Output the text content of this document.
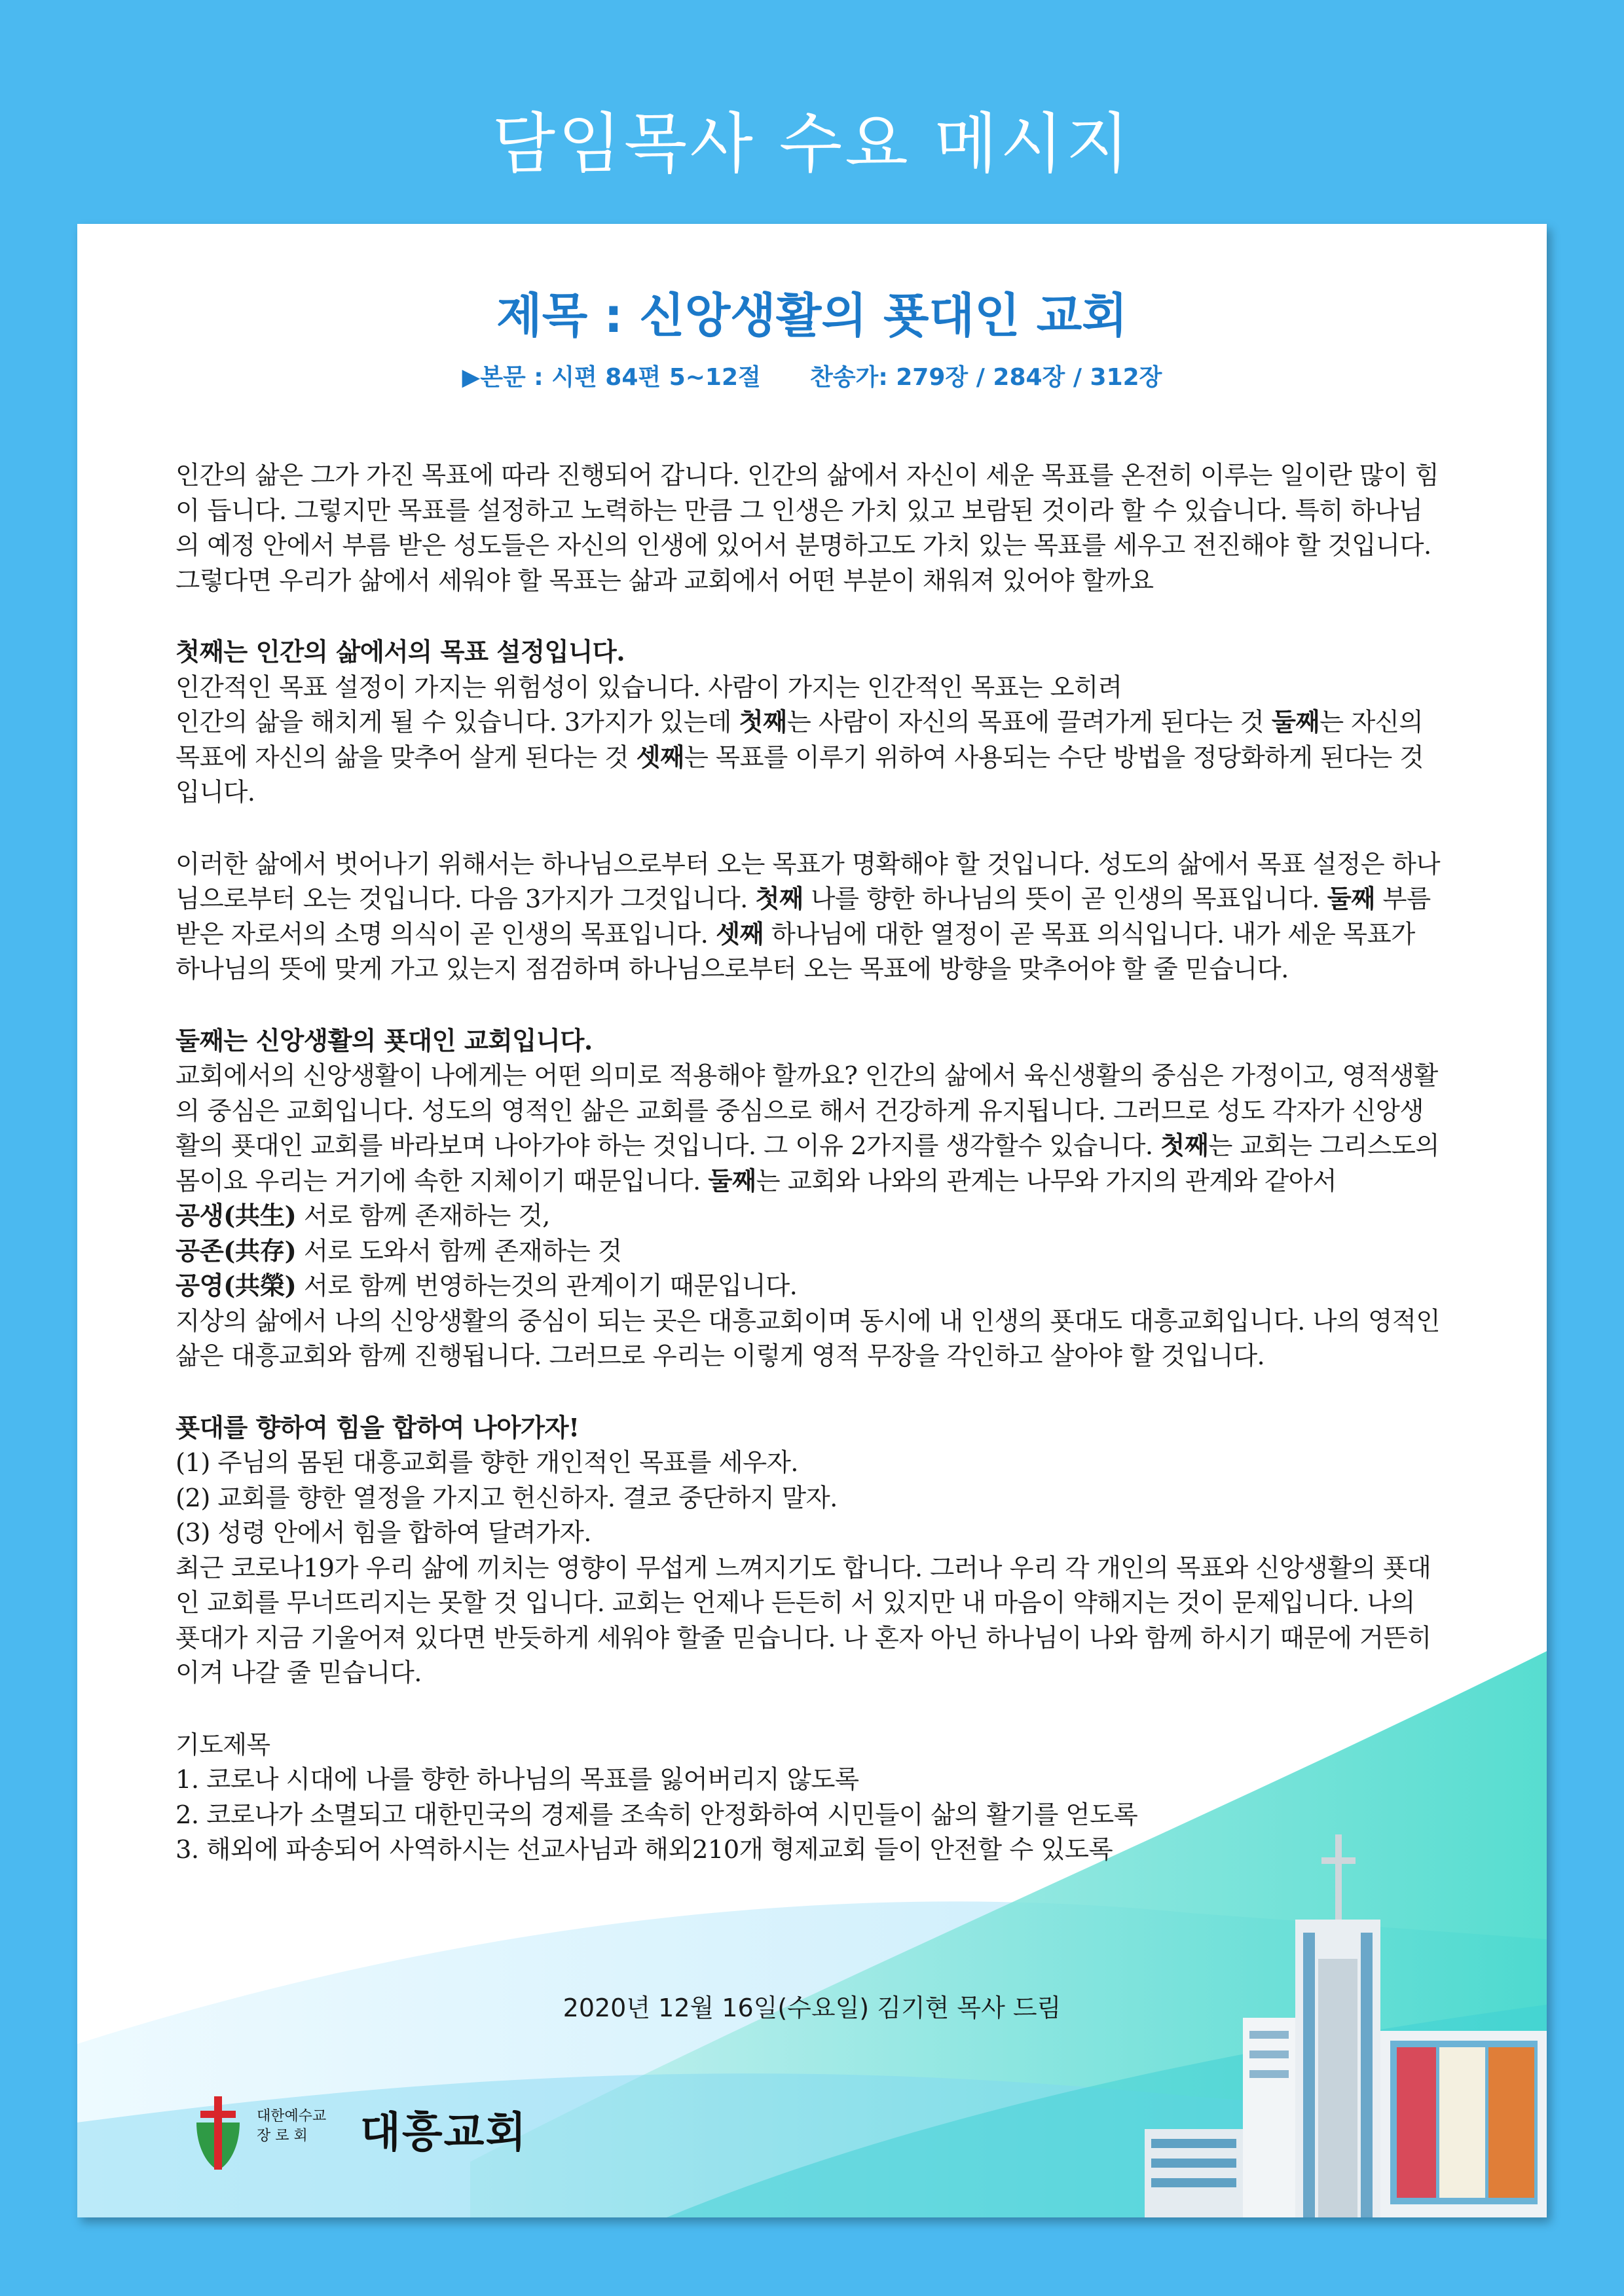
담임목사 수요 메시지
제목 : 신앙생활의 푯대인 교회
▶본문 : 시편 84편 5~12절 찬송가: 279장 / 284장 / 312장

인간의 삶은 그가 가진 목표에 따라 진행되어 갑니다. 인간의 삶에서 자신이 세운 목표를 온전히 이루는 일이란 많이 힘이 듭니다. 그렇지만 목표를 설정하고 노력하는 만큼 그 인생은 가치 있고 보람된 것이라 할 수 있습니다. 특히 하나님의 예정 안에서 부름 받은 성도들은 자신의 인생에 있어서 분명하고도 가치 있는 목표를 세우고 전진해야 할 것입니다. 그렇다면 우리가 삶에서 세워야 할 목표는 삶과 교회에서 어떤 부분이 채워져 있어야 할까요

첫째는 인간의 삶에서의 목표 설정입니다.

인간적인 목표 설정이 가지는 위험성이 있습니다. 사람이 가지는 인간적인 목표는 오히려

인간의 삶을 해치게 될 수 있습니다. 3가지가 있는데 첫째는 사람이 자신의 목표에 끌려가게 된다는 것 둘째는 자신의 목표에 자신의 삶을 맞추어 살게 된다는 것 셋째는 목표를 이루기 위하여 사용되는 수단 방법을 정당화하게 된다는 것입니다.

이러한 삶에서 벗어나기 위해서는 하나님으로부터 오는 목표가 명확해야 할 것입니다. 성도의 삶에서 목표 설정은 하나님으로부터 오는 것입니다. 다음 3가지가 그것입니다. 첫째 나를 향한 하나님의 뜻이 곧 인생의 목표입니다. 둘째 부름 받은 자로서의 소명 의식이 곧 인생의 목표입니다. 셋째 하나님에 대한 열정이 곧 목표 의식입니다. 내가 세운 목표가 하나님의 뜻에 맞게 가고 있는지 점검하며 하나님으로부터 오는 목표에 방향을 맞추어야 할 줄 믿습니다.

둘째는 신앙생활의 푯대인 교회입니다.

교회에서의 신앙생활이 나에게는 어떤 의미로 적용해야 할까요? 인간의 삶에서 육신생활의 중심은 가정이고, 영적생활의 중심은 교회입니다. 성도의 영적인 삶은 교회를 중심으로 해서 건강하게 유지됩니다. 그러므로 성도 각자가 신앙생활의 푯대인 교회를 바라보며 나아가야 하는 것입니다. 그 이유 2가지를 생각할수 있습니다. 첫째는 교회는 그리스도의 몸이요 우리는 거기에 속한 지체이기 때문입니다. 둘째는 교회와 나와의 관계는 나무와 가지의 관계와 같아서

공생(共生) 서로 함께 존재하는 것,

공존(共存) 서로 도와서 함께 존재하는 것

공영(共榮) 서로 함께 번영하는것의 관계이기 때문입니다.

지상의 삶에서 나의 신앙생활의 중심이 되는 곳은 대흥교회이며 동시에 내 인생의 푯대도 대흥교회입니다. 나의 영적인 삶은 대흥교회와 함께 진행됩니다. 그러므로 우리는 이렇게 영적 무장을 각인하고 살아야 할 것입니다.

푯대를 향하여 힘을 합하여 나아가자!

(1) 주님의 몸된 대흥교회를 향한 개인적인 목표를 세우자.

(2) 교회를 향한 열정을 가지고 헌신하자. 결코 중단하지 말자.

(3) 성령 안에서 힘을 합하여 달려가자.

최근 코로나19가 우리 삶에 끼치는 영향이 무섭게 느껴지기도 합니다. 그러나 우리 각 개인의 목표와 신앙생활의 푯대인 교회를 무너뜨리지는 못할 것 입니다. 교회는 언제나 든든히 서 있지만 내 마음이 약해지는 것이 문제입니다. 나의 푯대가 지금 기울어져 있다면 반듯하게 세워야 할줄 믿습니다. 나 혼자 아닌 하나님이 나와 함께 하시기 때문에 거뜬히 이겨 나갈 줄 믿습니다.

기도제목

1. 코로나 시대에 나를 향한 하나님의 목표를 잃어버리지 않도록

2. 코로나가 소멸되고 대한민국의 경제를 조속히 안정화하여 시민들이 삶의 활기를 얻도록

3. 해외에 파송되어 사역하시는 선교사님과 해외210개 형제교회 들이 안전할 수 있도록

2020년 12월 16일(수요일) 김기현 목사 드림
대한예수교
장 로 회	대흥교회
